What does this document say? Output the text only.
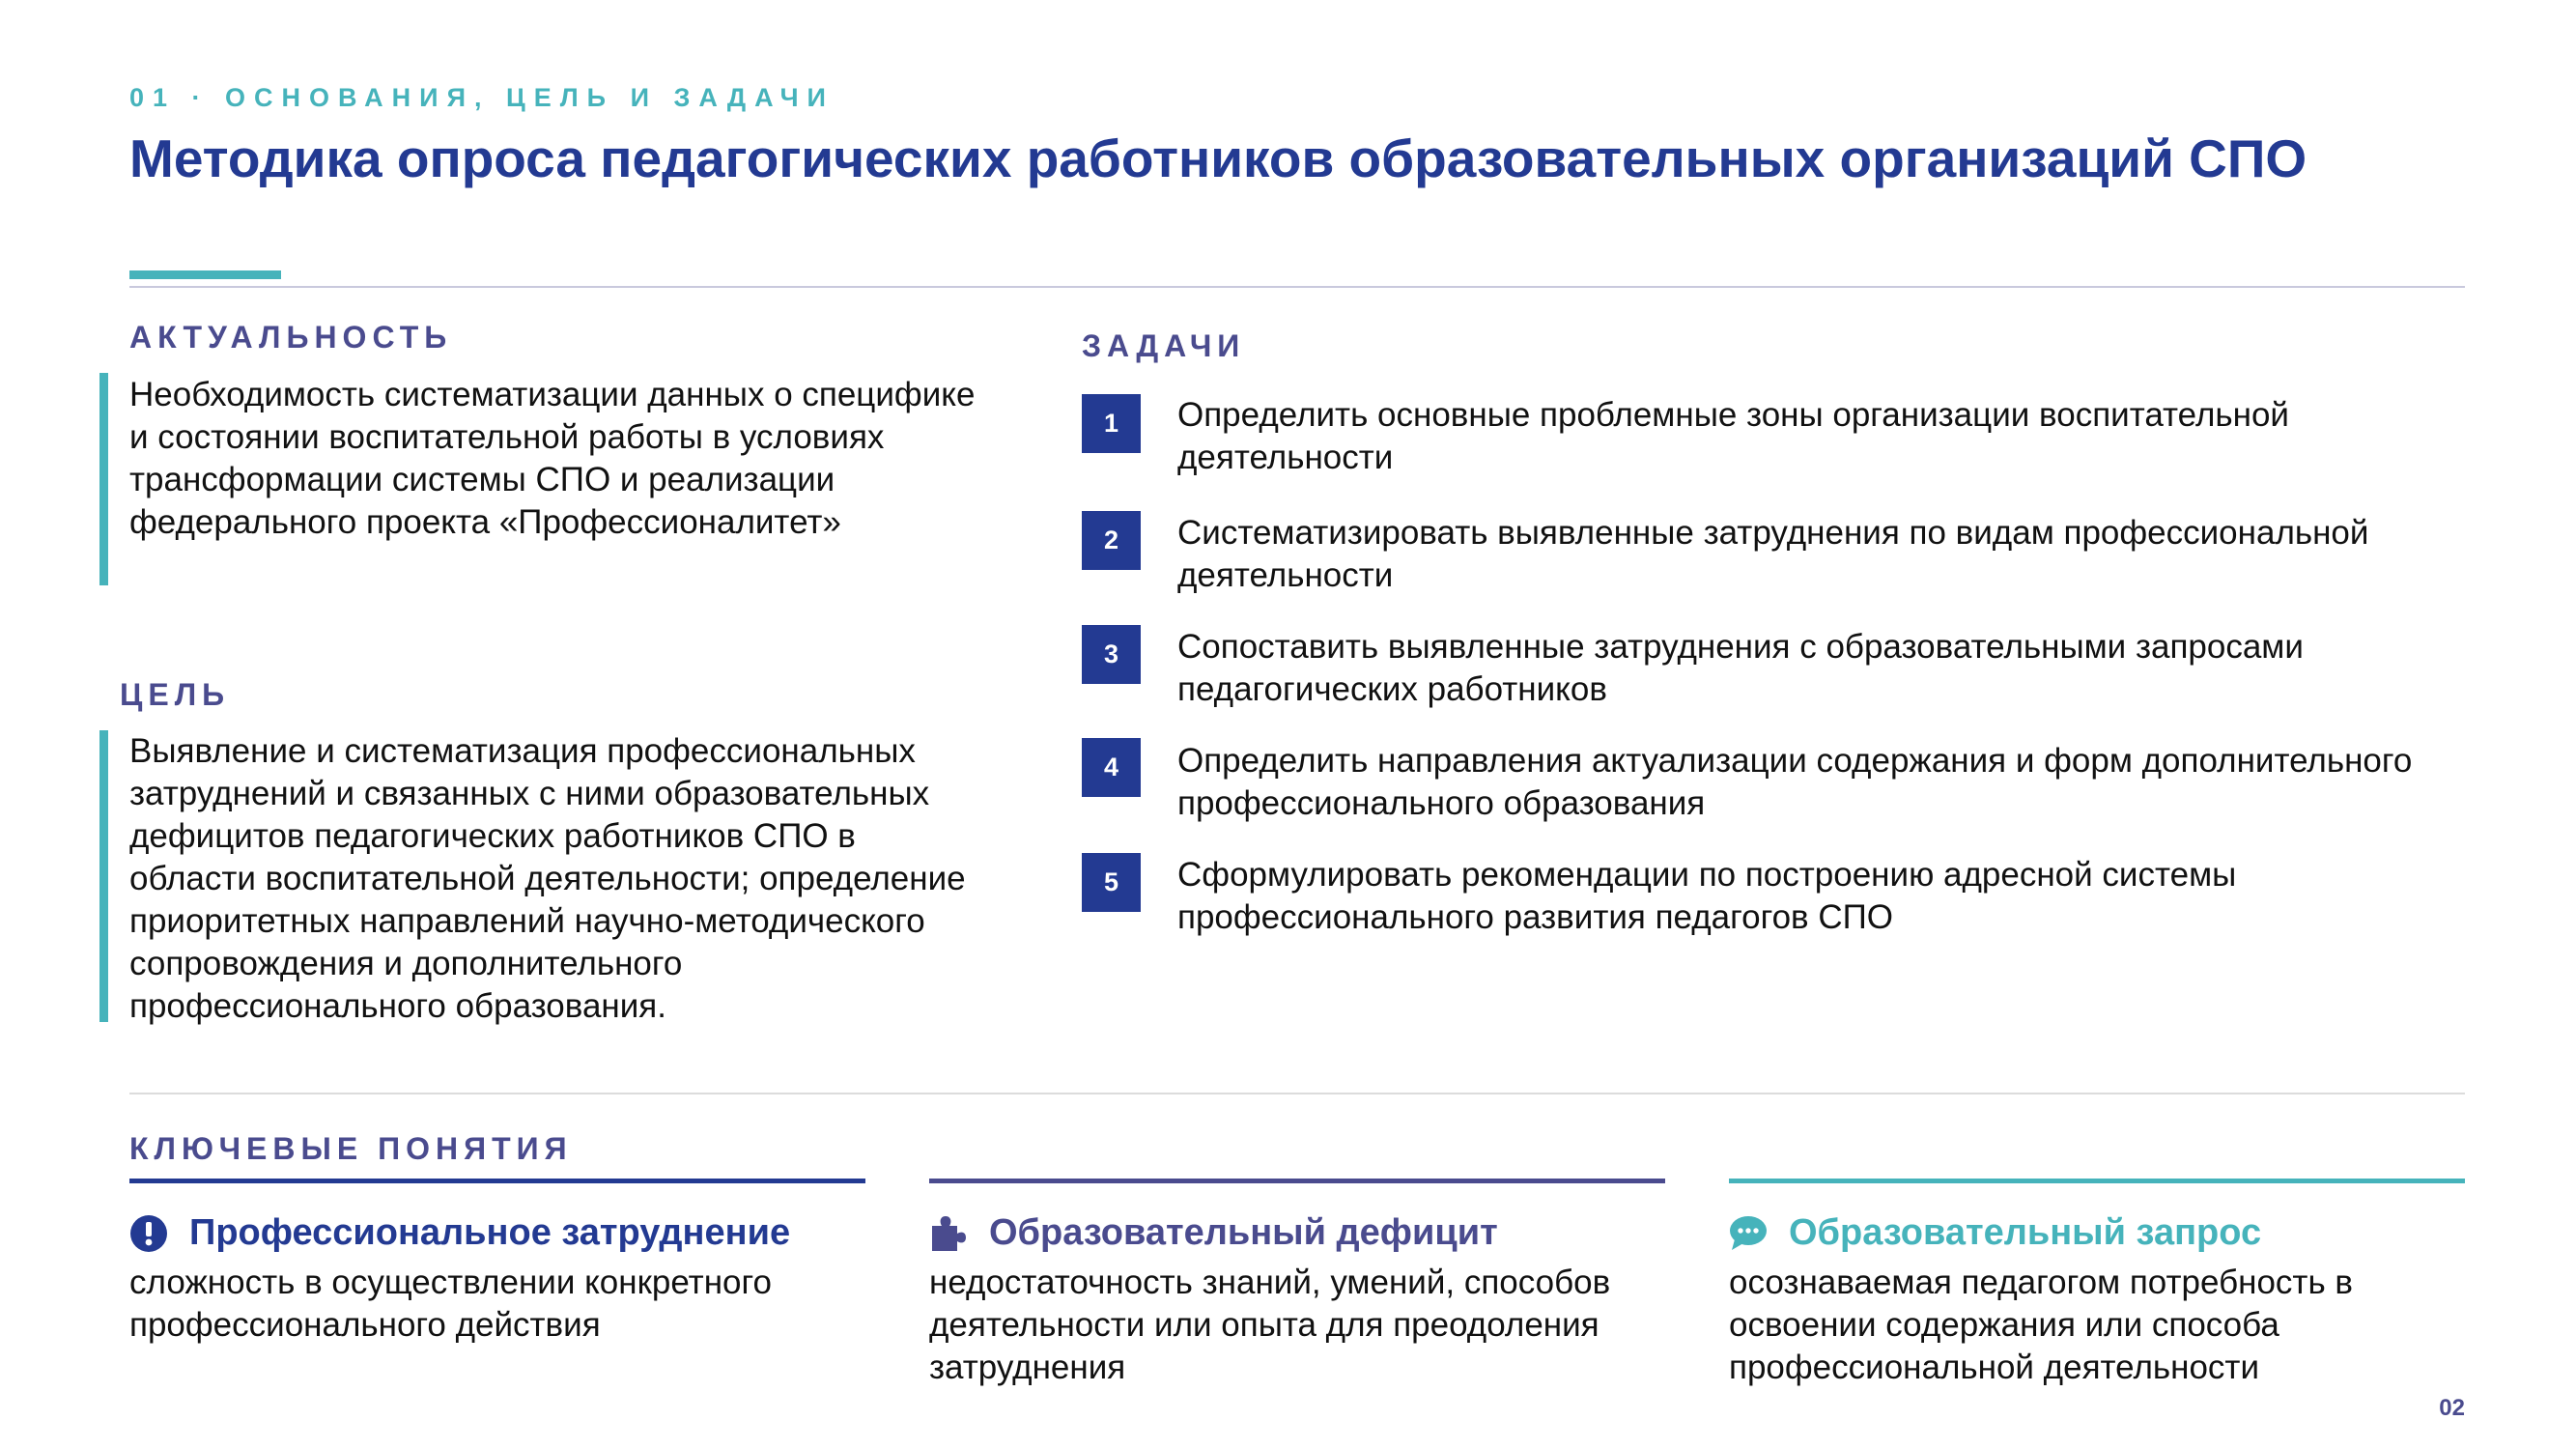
01 · ОСНОВАНИЯ, ЦЕЛЬ И ЗАДАЧИ
Методика опроса педагогических работников образовательных организаций СПО
АКТУАЛЬНОСТЬ
Необходимость систематизации данных о специфике и состоянии воспитательной работы в условиях трансформации системы СПО и реализации федерального проекта «Профессионалитет»
ЦЕЛЬ
Выявление и систематизация профессиональных затруднений и связанных с ними образовательных дефицитов педагогических работников СПО в области воспитательной деятельности; определение приоритетных направлений научно-методического сопровождения и дополнительного профессионального образования.
ЗАДАЧИ
1	Определить основные проблемные зоны организации воспитательной деятельности
2	Систематизировать выявленные затруднения по видам профессиональной деятельности
3	Сопоставить выявленные затруднения с образовательными запросами педагогических работников
4	Определить направления актуализации содержания и форм дополнительного профессионального образования
5	Сформулировать рекомендации по построению адресной системы профессионального развития педагогов СПО
КЛЮЧЕВЫЕ ПОНЯТИЯ
Профессиональное затруднение
сложность в осуществлении конкретного профессионального действия
Образовательный дефицит
недостаточность знаний, умений, способов деятельности или опыта для преодоления затруднения
Образовательный запрос
осознаваемая педагогом потребность в освоении содержания или способа профессиональной деятельности
02
